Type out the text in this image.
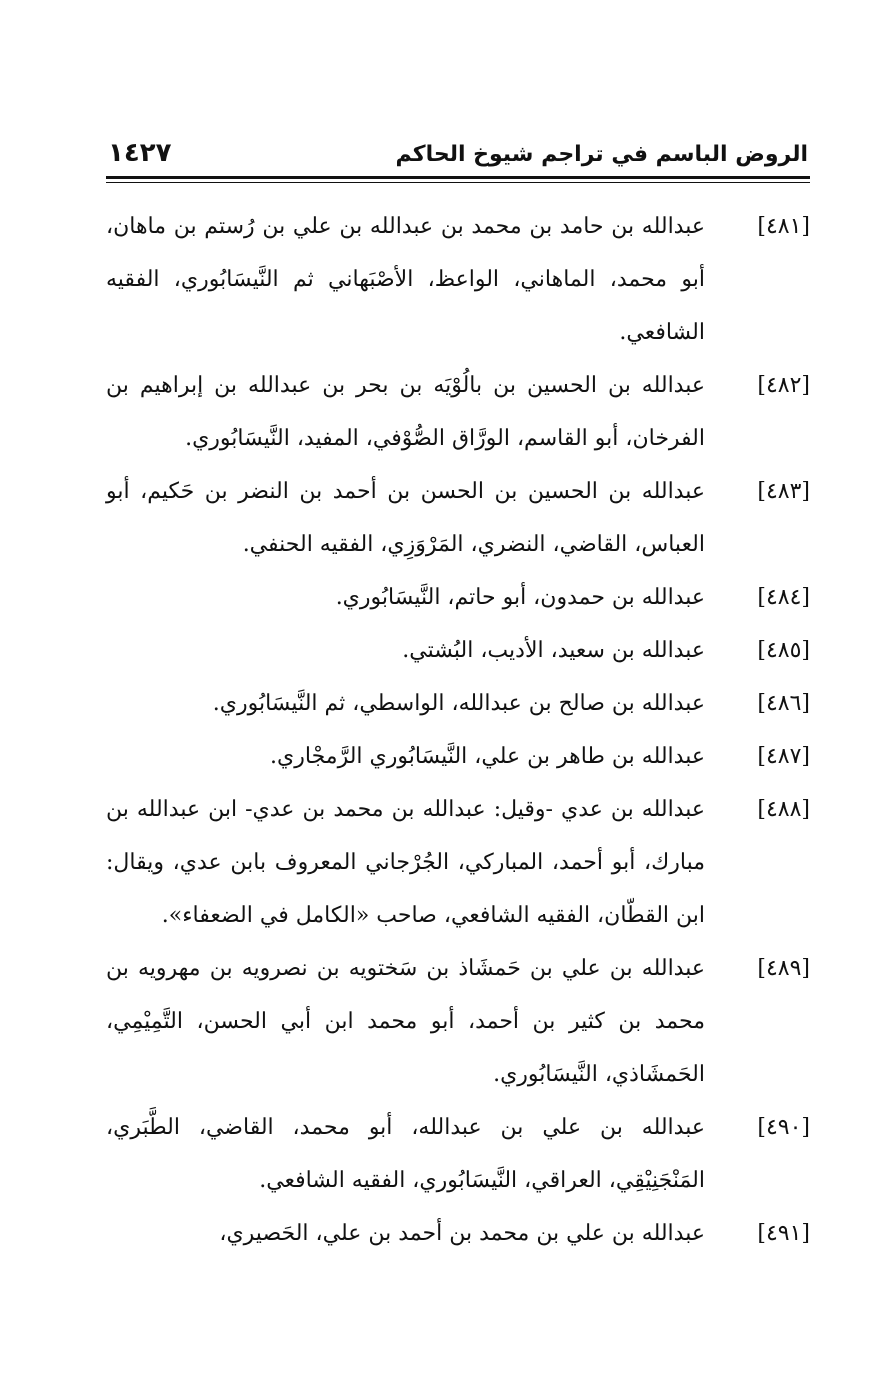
الروض الباسم في تراجم شيوخ الحاكم
١٤٢٧

[٤٨١]
عبدالله بن حامد بن محمد بن عبدالله بن علي بن رُستم بن ماهان، أبو محمد، الماهاني، الواعظ، الأصْبَهاني ثم النَّيسَابُوري، الفقيه الشافعي.

[٤٨٢]
عبدالله بن الحسين بن بالُوْيَه بن بحر بن عبدالله بن إبراهيم بن الفرخان، أبو القاسم، الورَّاق الصُّوْفي، المفيد، النَّيسَابُوري.

[٤٨٣]
عبدالله بن الحسين بن الحسن بن أحمد بن النضر بن حَكيم، أبو العباس، القاضي، النضري، المَرْوَزِي، الفقيه الحنفي.

[٤٨٤]
عبدالله بن حمدون، أبو حاتم، النَّيسَابُوري.

[٤٨٥]
عبدالله بن سعيد، الأديب، البُشتي.

[٤٨٦]
عبدالله بن صالح بن عبدالله، الواسطي، ثم النَّيسَابُوري.

[٤٨٧]
عبدالله بن طاهر بن علي، النَّيسَابُوري الرَّمجْاري.

[٤٨٨]
عبدالله بن عدي -وقيل: عبدالله بن محمد بن عدي- ابن عبدالله بن مبارك، أبو أحمد، المباركي، الجُرْجاني المعروف بابن عدي، ويقال: ابن القطّان، الفقيه الشافعي، صاحب «الكامل في الضعفاء».

[٤٨٩]
عبدالله بن علي بن حَمشَاذ بن سَختويه بن نصرويه بن مهرويه بن محمد بن كثير بن أحمد، أبو محمد ابن أبي الحسن، التَّمِيْمِي، الحَمشَاذي، النَّيسَابُوري.

[٤٩٠]
عبدالله بن علي بن عبدالله، أبو محمد، القاضي، الطَّبَري، المَنْجَنِيْقِي، العراقي، النَّيسَابُوري، الفقيه الشافعي.

[٤٩١]
عبدالله بن علي بن محمد بن أحمد بن علي، الحَصيري،
